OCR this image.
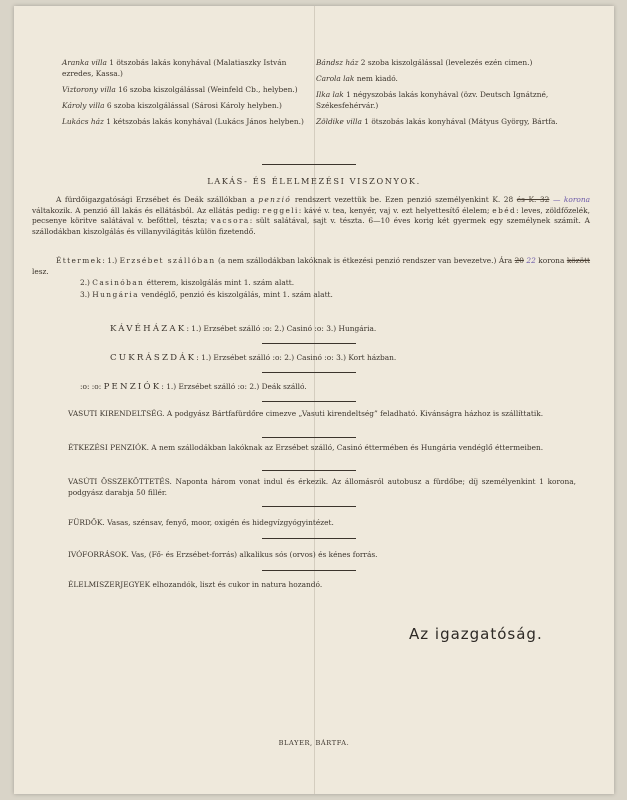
Aranka villa 1 ötszobás lakás konyhával (Malatiaszky István ezredes, Kassa.)
Viztorony villa 16 szoba kiszolgálással (Weinfeld Cb., helyben.)
Károly villa 6 szoba kiszolgálással (Sárosi Károly helyben.)
Lukács ház 1 kétszobás lakás konyhával (Lukács János helyben.)
Bándsz ház 2 szoba kiszolgálással (levelezés ezén cimen.)
Carola lak nem kiadó.
Ilka lak 1 négyszobás lakás konyhával (özv. Deutsch Ignátzné, Székesfehérvár.)
Zöldike villa 1 ötszobás lakás konyhával (Mátyus György, Bártfa.
LAKÁS- ÉS ÉLELMEZÉSI VISZONYOK.
A fürdőigazgatósági Erzsébet és Deák szállókban a penzió rendszert vezettük be. Ezen penzió személyenkint K. 28 és K. 32 — korona váltakozik. A penzió áll lakás és ellátásból. Az ellátás pedig: reggeli: kávé v. tea, kenyér, vaj v. ezt helyettesítő élelem; ebéd: leves, zöldfőzelék, pecsenye köritve salátával v. befőttel, tészta; vacsora: sült salátával, sajt v. tészta. 6—10 éves korig két gyermek egy személynek számít. A szállodákban kiszolgálás és villanyvilágitás külön fizetendő.
Éttermek: 1.) Erzsébet szállóban (a nem szállodákban lakóknak is étkezési penzió rendszer van bevezetve.) Ára 20 22 korona között lesz.
2.) Casinóban étterem, kiszolgálás mint 1. szám alatt.
3.) Hungária vendéglő, penzió és kiszolgálás, mint 1. szám alatt.
KÁVÉHÁZAK: 1.) Erzsébet szálló :o: 2.) Casinó :o: 3.) Hungária.
CUKRÁSZDÁK: 1.) Erzsébet szálló :o: 2.) Casinó :o: 3.) Kort házban.
:o: :o: PENZIÓK: 1.) Erzsébet szálló :o: 2.) Deák szálló.
VASUTI KIRENDELTSÉG. A podgyász Bártfafürdőre cimezve „Vasuti kirendeltség” feladható. Kivánságra házhoz is szállíttatik.
ÉTKEZÉSI PENZIÓK. A nem szállodákban lakóknak az Erzsébet szálló, Casinó éttermében és Hungária vendéglő éttermeiben.
VASÚTI ÖSSZEKÖTTETÉS. Naponta három vonat indul és érkezik. Az állomásról autobusz a fürdőbe; díj személyenkint 1 korona, podgyász darabja 50 fillér.
FÜRDŐK. Vasas, szénsav, fenyő, moor, oxigén és hidegvízgyógyintézet.
IVÓFORRÁSOK. Vas, (Fő- és Erzsébet-forrás) alkalikus sós (orvos) és kénes forrás.
ÉLELMISZERJEGYEK elhozandók, liszt és cukor in natura hozandó.
Az igazgatóság.
BLAYER, BÁRTFA.
